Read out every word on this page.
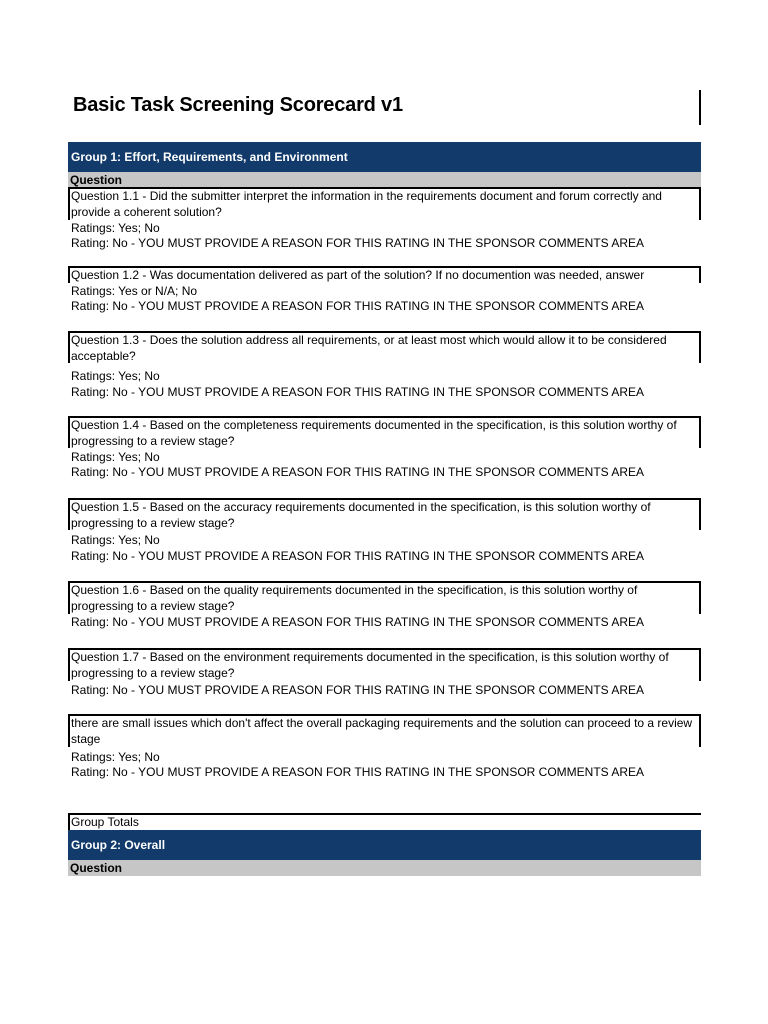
Basic Task Screening Scorecard v1
Group 1: Effort, Requirements, and Environment
Question
Question 1.1 - Did the submitter interpret the information in the requirements document and forum correctly and provide a coherent solution?
Ratings: Yes; No
Rating: No - YOU MUST PROVIDE A REASON FOR THIS RATING IN THE SPONSOR COMMENTS AREA
Question 1.2 - Was documentation delivered as part of the solution? If no documention was needed, answer
Ratings: Yes or N/A; No
Rating: No - YOU MUST PROVIDE A REASON FOR THIS RATING IN THE SPONSOR COMMENTS AREA
Question 1.3 - Does the solution address all requirements, or at least most which would allow it to be considered acceptable?
Ratings: Yes; No
Rating: No - YOU MUST PROVIDE A REASON FOR THIS RATING IN THE SPONSOR COMMENTS AREA
Question 1.4 - Based on the completeness requirements documented in the specification, is this solution worthy of progressing to a review stage?
Ratings: Yes; No
Rating: No - YOU MUST PROVIDE A REASON FOR THIS RATING IN THE SPONSOR COMMENTS AREA
Question 1.5 - Based on the accuracy requirements documented in the specification, is this solution worthy of progressing to a review stage?
Ratings: Yes; No
Rating: No - YOU MUST PROVIDE A REASON FOR THIS RATING IN THE SPONSOR COMMENTS AREA
Question 1.6 - Based on the quality requirements documented in the specification, is this solution worthy of progressing to a review stage?
Rating: No - YOU MUST PROVIDE A REASON FOR THIS RATING IN THE SPONSOR COMMENTS AREA
Question 1.7 - Based on the environment requirements documented in the specification, is this solution worthy of progressing to a review stage?
Rating: No - YOU MUST PROVIDE A REASON FOR THIS RATING IN THE SPONSOR COMMENTS AREA
there are small issues which don't affect the overall packaging requirements and the solution can proceed to a review stage
Ratings: Yes; No
Rating: No - YOU MUST PROVIDE A REASON FOR THIS RATING IN THE SPONSOR COMMENTS AREA
Group Totals
Group 2: Overall
Question
